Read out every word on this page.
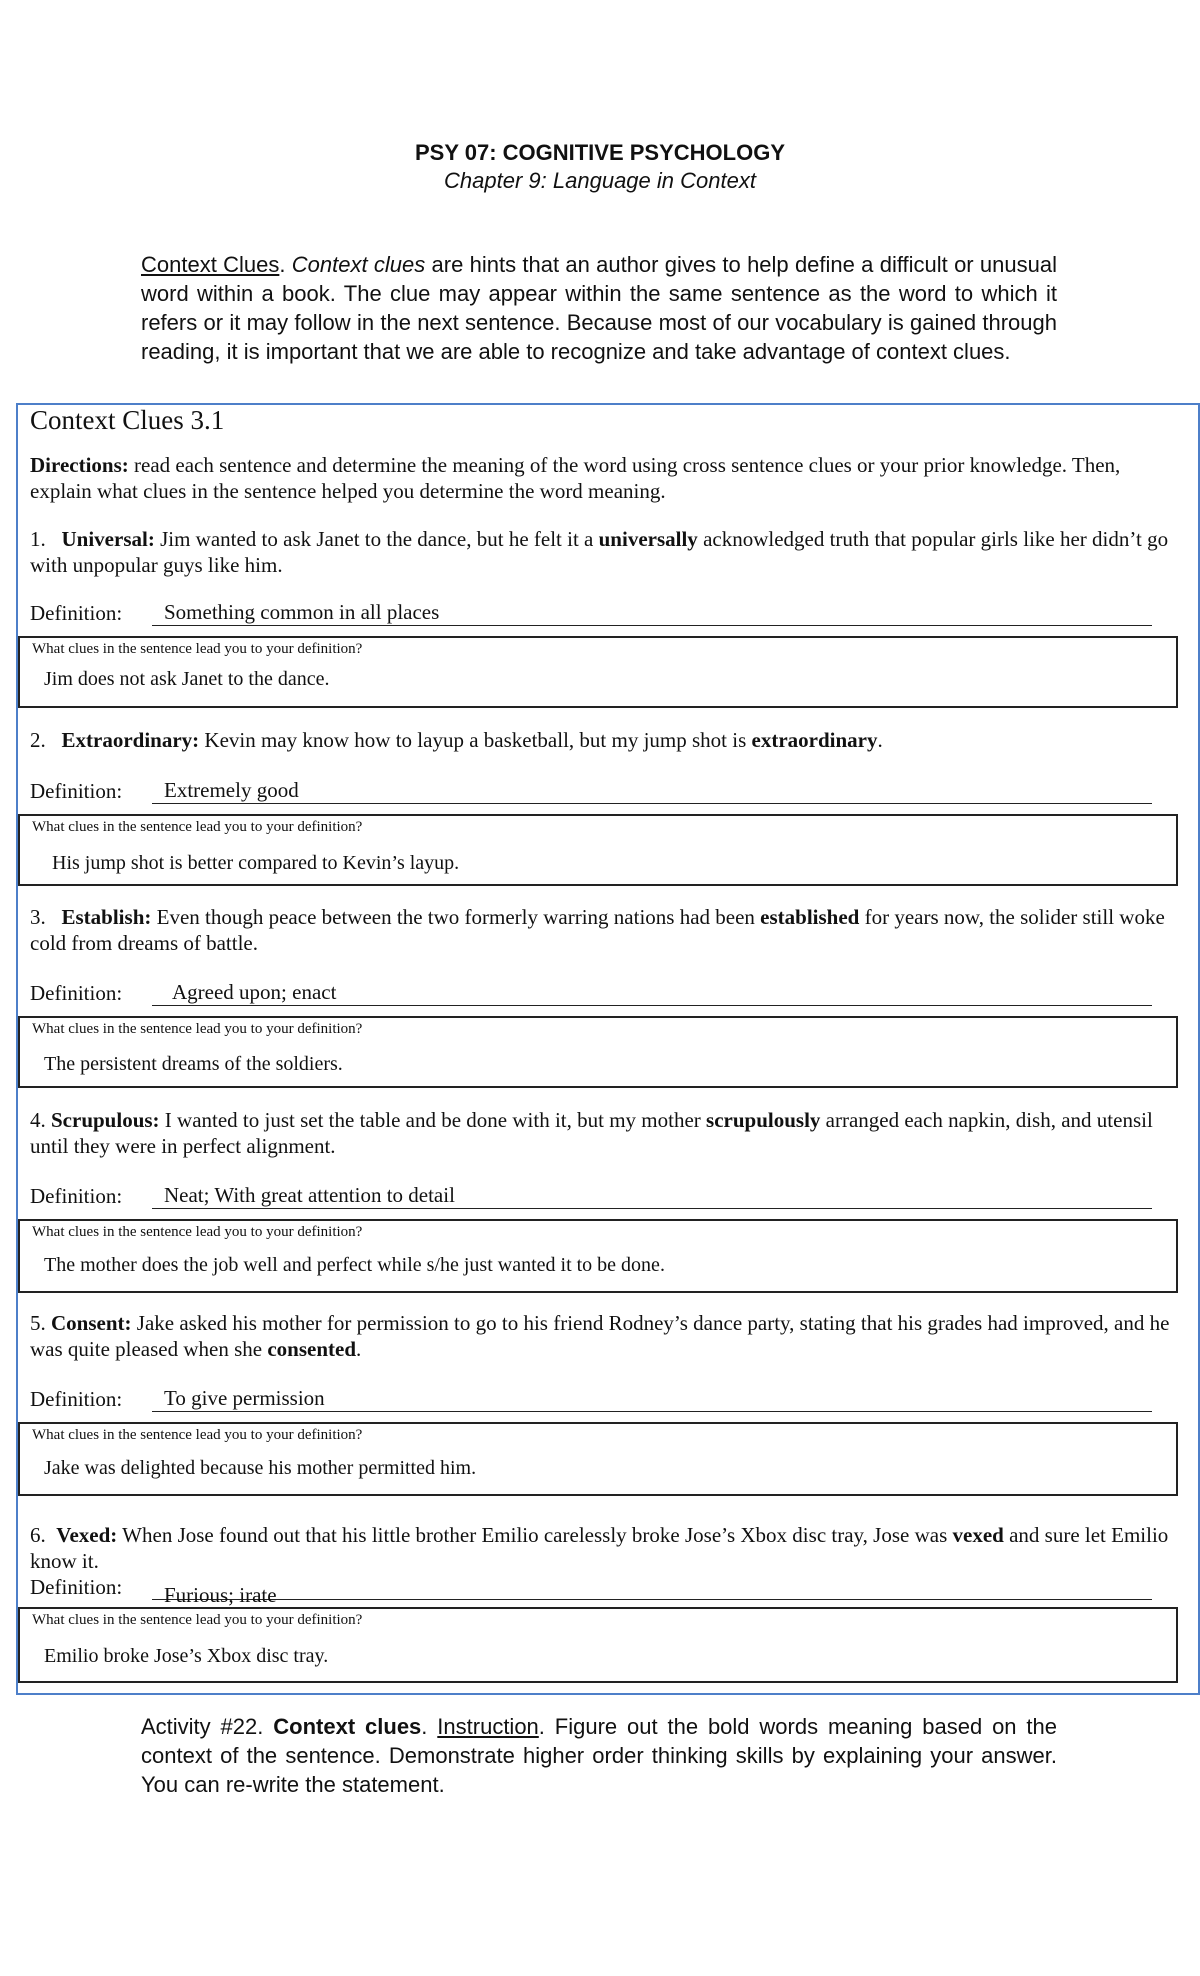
PSY 07: COGNITIVE PSYCHOLOGY
Chapter 9: Language in Context
Context Clues. Context clues are hints that an author gives to help define a difficult or unusual word within a book. The clue may appear within the same sentence as the word to which it refers or it may follow in the next sentence. Because most of our vocabulary is gained through reading, it is important that we are able to recognize and take advantage of context clues.
Context Clues 3.1
Directions: read each sentence and determine the meaning of the word using cross sentence clues or your prior knowledge. Then, explain what clues in the sentence helped you determine the word meaning.
1. Universal: Jim wanted to ask Janet to the dance, but he felt it a universally acknowledged truth that popular girls like her didn’t go with unpopular guys like him.
Definition: Something common in all places
What clues in the sentence lead you to your definition?
Jim does not ask Janet to the dance.
2. Extraordinary: Kevin may know how to layup a basketball, but my jump shot is extraordinary.
Definition: Extremely good
What clues in the sentence lead you to your definition?
His jump shot is better compared to Kevin’s layup.
3. Establish: Even though peace between the two formerly warring nations had been established for years now, the solider still woke cold from dreams of battle.
Definition: Agreed upon; enact
What clues in the sentence lead you to your definition?
The persistent dreams of the soldiers.
4. Scrupulous: I wanted to just set the table and be done with it, but my mother scrupulously arranged each napkin, dish, and utensil until they were in perfect alignment.
Definition: Neat; With great attention to detail
What clues in the sentence lead you to your definition?
The mother does the job well and perfect while s/he just wanted it to be done.
5. Consent: Jake asked his mother for permission to go to his friend Rodney’s dance party, stating that his grades had improved, and he was quite pleased when she consented.
Definition: To give permission
What clues in the sentence lead you to your definition?
Jake was delighted because his mother permitted him.
6. Vexed: When Jose found out that his little brother Emilio carelessly broke Jose’s Xbox disc tray, Jose was vexed and sure let Emilio know it.
Definition: Furious; irate
What clues in the sentence lead you to your definition?
Emilio broke Jose’s Xbox disc tray.
Activity #22. Context clues. Instruction. Figure out the bold words meaning based on the context of the sentence. Demonstrate higher order thinking skills by explaining your answer. You can re-write the statement.
